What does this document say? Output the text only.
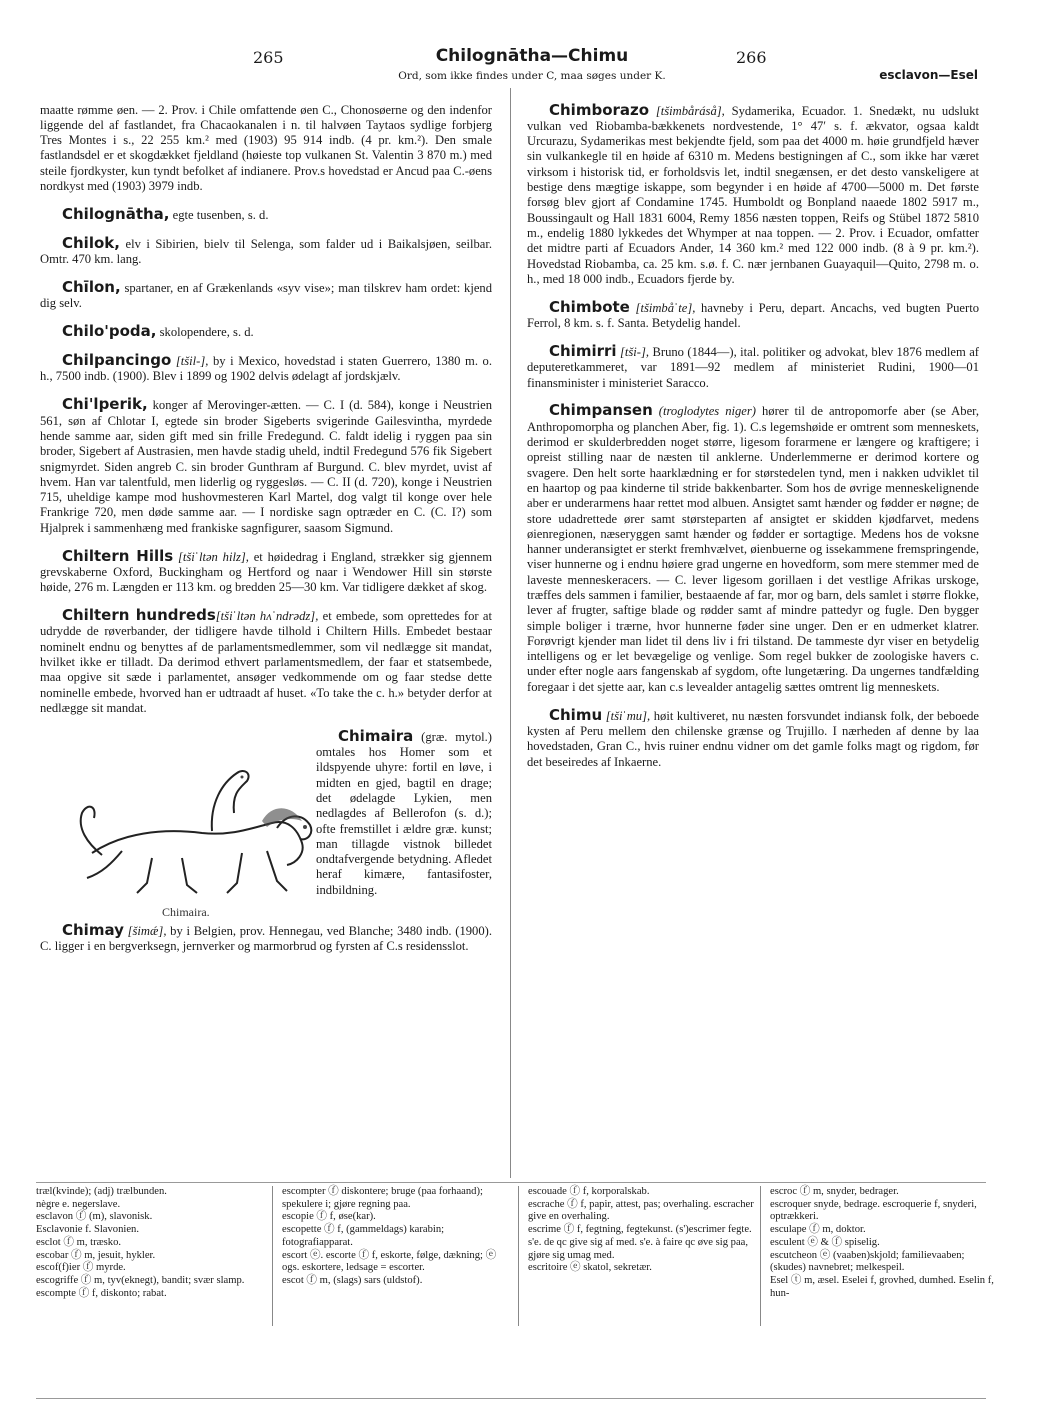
265	Chilognātha—Chimu	266
Ord, som ikke findes under C, maa søges under K.	esclavon—Esel

maatte rømme øen. — 2. Prov. i Chile omfattende øen C., Chonosøerne og den indenfor liggende del af fastlandet, fra Chacaokanalen i n. til halvøen Taytaos sydlige forbjerg Tres Montes i s., 22 255 km.² med (1903) 95 914 indb. (4 pr. km.²). Den smale fastlandsdel er et skogdækket fjeldland (høieste top vulkanen St. Valentin 3 870 m.) med steile fjordkyster, kun tyndt befolket af indianere. Prov.s hovedstad er Ancud paa C.-øens nordkyst med (1903) 3979 indb.

Chilognātha, egte tusenben, s. d.

Chilok, elv i Sibirien, bielv til Selenga, som falder ud i Baikalsjøen, seilbar. Omtr. 470 km. lang.

Chīlon, spartaner, en af Grækenlands «syv vise»; man tilskrev ham ordet: kjend dig selv.

Chilo'poda, skolopendere, s. d.

Chilpancingo [tšil-], by i Mexico, hovedstad i staten Guerrero, 1380 m. o. h., 7500 indb. (1900). Blev i 1899 og 1902 delvis ødelagt af jordskjælv.

Chi'lperik, konger af Merovinger-ætten. — C. I (d. 584), konge i Neustrien 561, søn af Chlotar I, egtede sin broder Sigeberts svigerinde Gailesvintha, myrdede hende samme aar, siden gift med sin frille Fredegund. C. faldt idelig i ryggen paa sin broder, Sigebert af Austrasien, men havde stadig uheld, indtil Fredegund 576 fik Sigebert snigmyrdet. Siden angreb C. sin broder Gunthram af Burgund. C. blev myrdet, uvist af hvem. Han var talentfuld, men liderlig og ryggesløs. — C. II (d. 720), konge i Neustrien 715, uheldige kampe mod hushovmesteren Karl Martel, dog valgt til konge over hele Frankrige 720, men døde samme aar. — I nordiske sagn optræder en C. (C. I?) som Hjalprek i sammenhæng med frankiske sagnfigurer, saasom Sigmund.

Chiltern Hills [tšiˈltən hilz], et høidedrag i England, strækker sig gjennem grevskaberne Oxford, Buckingham og Hertford og naar i Wendower Hill sin største høide, 276 m. Længden er 113 km. og bredden 25—30 km. Var tidligere dækket af skog.

Chiltern hundreds[tšiˈltən hʌˈndrədz], et embede, som oprettedes for at udrydde de røverbander, der tidligere havde tilhold i Chiltern Hills. Embedet bestaar nominelt endnu og benyttes af de parlamentsmedlemmer, som vil nedlægge sit mandat, hvilket ikke er tilladt. Da derimod ethvert parlamentsmedlem, der faar et statsembede, maa opgive sit sæde i parlamentet, ansøger vedkommende om og faar stedse dette nominelle embede, hvorved han er udtraadt af huset. «To take the c. h.» betyder derfor at nedlægge sit mandat.

Chimaira.
Chimaira (græ. mytol.) omtales hos Homer som et ildspyende uhyre: fortil en løve, i midten en gjed, bagtil en drage; det ødelagde Lykien, men nedlagdes af Bellerofon (s. d.); ofte fremstillet i ældre græ. kunst; man tillagde vistnok billedet ondtafvergende betydning. Afledet heraf kimære, fantasifoster, indbildning.

Chimay [šimǽ], by i Belgien, prov. Hennegau, ved Blanche; 3480 indb. (1900). C. ligger i en bergverksegn, jernverker og marmorbrud og fyrsten af C.s residensslot.

Chimborazo [tšimbåráså], Sydamerika, Ecuador. 1. Snedækt, nu udslukt vulkan ved Riobamba-bækkenets nordvestende, 1° 47′ s. f. ækvator, ogsaa kaldt Urcurazu, Sydamerikas mest bekjendte fjeld, som paa det 4000 m. høie grundfjeld hæver sin vulkankegle til en høide af 6310 m. Medens bestigningen af C., som ikke har været virksom i historisk tid, er forholdsvis let, indtil snegænsen, er det desto vanskeligere at bestige dens mægtige iskappe, som begynder i en høide af 4700—5000 m. Det første forsøg blev gjort af Condamine 1745. Humboldt og Bonpland naaede 1802 5917 m., Boussingault og Hall 1831 6004, Remy 1856 næsten toppen, Reifs og Stübel 1872 5810 m., endelig 1880 lykkedes det Whymper at naa toppen. — 2. Prov. i Ecuador, omfatter det midtre parti af Ecuadors Ander, 14 360 km.² med 122 000 indb. (8 à 9 pr. km.²). Hovedstad Riobamba, ca. 25 km. s.ø. f. C. nær jernbanen Guayaquil—Quito, 2798 m. o. h., med 18 000 indb., Ecuadors fjerde by.

Chimbote [tšimbåˈte], havneby i Peru, depart. Ancachs, ved bugten Puerto Ferrol, 8 km. s. f. Santa. Betydelig handel.

Chimirri [tši-], Bruno (1844—), ital. politiker og advokat, blev 1876 medlem af deputeretkammeret, var 1891—92 medlem af ministeriet Rudini, 1900—01 finansminister i ministeriet Saracco.

Chimpansen (troglodytes niger) hører til de antropomorfe aber (se Aber, Anthropomorpha og planchen Aber, fig. 1). C.s legemshøide er omtrent som menneskets, derimod er skulderbredden noget større, ligesom forarmene er længere og kraftigere; i opreist stilling naar de næsten til anklerne. Underlemmerne er derimod kortere og svagere. Den helt sorte haarklædning er for størstedelen tynd, men i nakken udviklet til en haartop og paa kinderne til stride bakkenbarter. Som hos de øvrige menneskelignende aber er underarmens haar rettet mod albuen. Ansigtet samt hænder og fødder er nøgne; de store udadrettede ører samt størsteparten af ansigtet er skidden kjødfarvet, medens øienregionen, næseryggen samt hænder og fødder er sortagtige. Medens hos de voksne hanner underansigtet er sterkt fremhvælvet, øienbuerne og issekammene fremspringende, viser hunnerne og i endnu høiere grad ungerne en hovedform, som mere stemmer med de laveste menneskeracers. — C. lever ligesom gorillaen i det vestlige Afrikas urskoge, træffes dels sammen i familier, bestaaende af far, mor og barn, dels samlet i større flokke, lever af frugter, saftige blade og rødder samt af mindre pattedyr og fugle. Den bygger simple boliger i trærne, hvor hunnerne føder sine unger. Den er en udmerket klatrer. Forøvrigt kjender man lidet til dens liv i fri tilstand. De tammeste dyr viser en betydelig intelligens og er let bevægelige og venlige. Som regel bukker de zoologiske havers c. under efter nogle aars fangenskab af sygdom, ofte lungetæring. Da ungernes tandfælding foregaar i det sjette aar, kan c.s levealder antagelig sættes omtrent lig menneskets.

Chimu [tšiˈmu], høit kultiveret, nu næsten forsvundet indiansk folk, der beboede kysten af Peru mellem den chilenske grænse og Trujillo. I nærheden af denne by laa hovedstaden, Gran C., hvis ruiner endnu vidner om det gamle folks magt og rigdom, før det beseiredes af Inkaerne.

træl(kvinde); (adj) trælbunden.
nègre e. negerslave.
esclavon ⓕ (m), slavonisk.
Esclavonie f. Slavonien.
esclot ⓕ m, træsko.
escobar ⓕ m, jesuit, hykler.
escof(f)ier ⓕ myrde.
escogriffe ⓕ m, tyv(eknegt), bandit; svær slamp.
escompte ⓕ f, diskonto; rabat.
escompter ⓕ diskontere; bruge (paa forhaand); spekulere i; gjøre regning paa.
escopie ⓕ f, øse(kar).
escopette ⓕ f, (gammeldags) karabin; fotografiapparat.
escort ⓔ. escorte ⓕ f, eskorte, følge, dækning; ⓔ ogs. eskortere, ledsage = escorter.
escot ⓕ m, (slags) sars (uldstof).
escouade ⓕ f, korporalskab.
escrache ⓕ f, papir, attest, pas; overhaling. escracher give en overhaling.
escrime ⓕ f, fegtning, fegtekunst. (s')escrimer fegte. s'e. de qc give sig af med. s'e. à faire qc øve sig paa, gjøre sig umag med.
escritoire ⓔ skatol, sekretær.
escroc ⓕ m, snyder, bedrager.
escroquer snyde, bedrage. escroquerie f, snyderi, optrækkeri.
esculape ⓕ m, doktor.
esculent ⓔ & ⓕ spiselig.
escutcheon ⓔ (vaaben)skjold; familievaaben; (skudes) navnebret; melkespeil.
Esel ⓣ m, æsel. Eselei f, grovhed, dumhed. Eselin f, hun-
